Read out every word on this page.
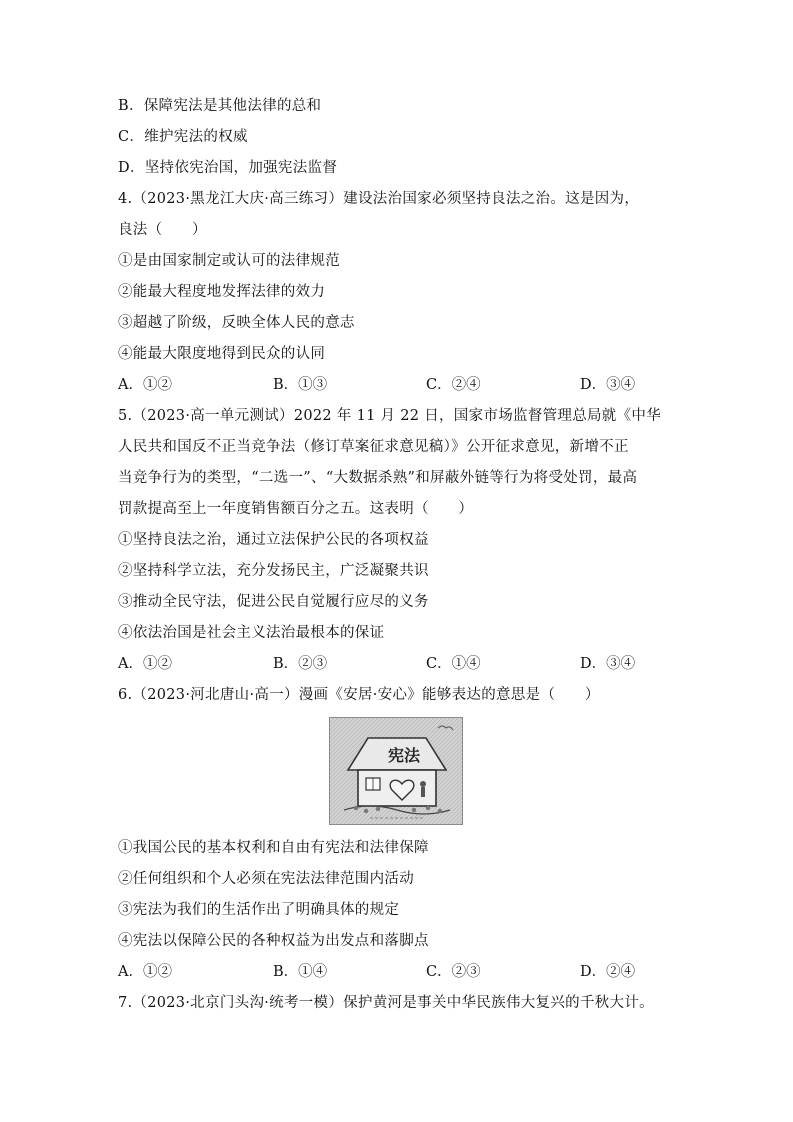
B．保障宪法是其他法律的总和
C．维护宪法的权威
D．坚持依宪治国，加强宪法监督
4.（2023·黑龙江大庆·高三练习）建设法治国家必须坚持良法之治。这是因为，
良法（　　）
①是由国家制定或认可的法律规范
②能最大程度地发挥法律的效力
③超越了阶级，反映全体人民的意志
④能最大限度地得到民众的认同
A．①②	B．①③	C．②④	D．③④
5.（2023·高一单元测试）2022 年 11 月 22 日，国家市场监督管理总局就《中华
人民共和国反不正当竞争法（修订草案征求意见稿）》公开征求意见，新增不正
当竞争行为的类型，“二选一”、“大数据杀熟”和屏蔽外链等行为将受处罚，最高
罚款提高至上一年度销售额百分之五。这表明（　　）
①坚持良法之治，通过立法保护公民的各项权益
②坚持科学立法，充分发扬民主，广泛凝聚共识
③推动全民守法，促进公民自觉履行应尽的义务
④依法治国是社会主义法治最根本的保证
A．①②	B．②③	C．①④	D．③④
6.（2023·河北唐山·高一）漫画《安居·安心》能够表达的意思是（　　）
宪法
①我国公民的基本权利和自由有宪法和法律保障
②任何组织和个人必须在宪法法律范围内活动
③宪法为我们的生活作出了明确具体的规定
④宪法以保障公民的各种权益为出发点和落脚点
A．①②	B．①④	C．②③	D．②④
7.（2023·北京门头沟·统考一模）保护黄河是事关中华民族伟大复兴的千秋大计。
